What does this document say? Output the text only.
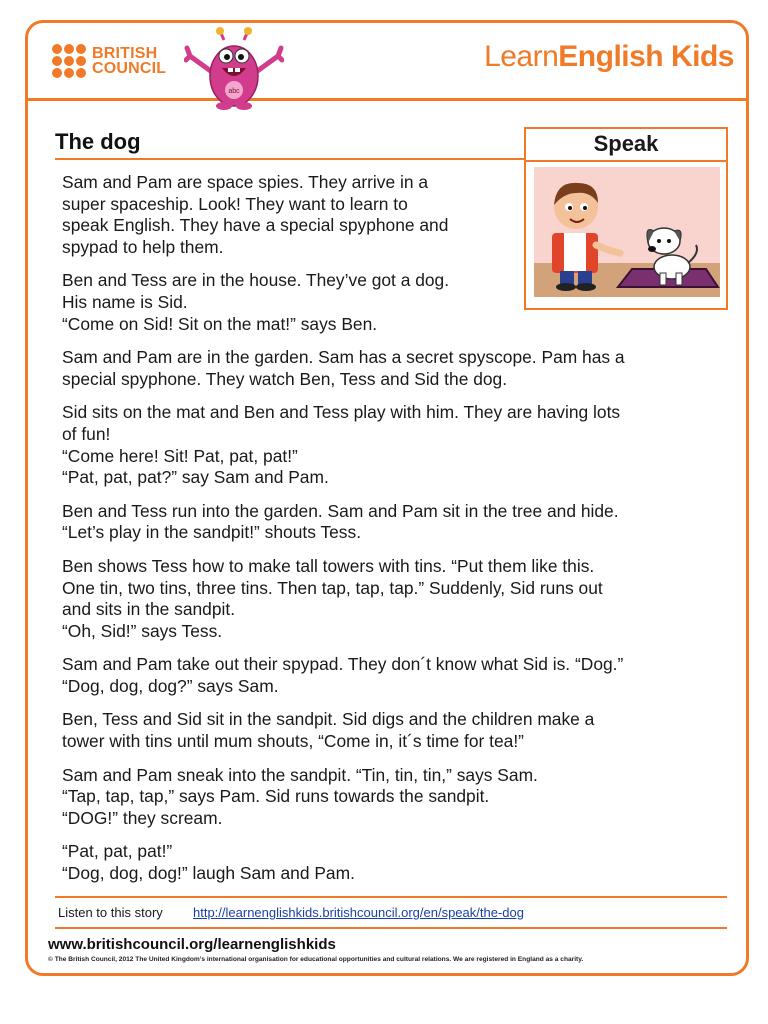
BRITISH
COUNCIL
abc
LearnEnglish Kids
The dog	Speak

Sam and Pam are space spies. They arrive in a
super spaceship. Look! They want to learn to
speak English. They have a special spyphone and
spypad to help them.

Ben and Tess are in the house. They’ve got a dog.
His name is Sid.
“Come on Sid! Sit on the mat!” says Ben.

Sam and Pam are in the garden. Sam has a secret spyscope. Pam has a
special spyphone. They watch Ben, Tess and Sid the dog.

Sid sits on the mat and Ben and Tess play with him. They are having lots
of fun!
“Come here! Sit! Pat, pat, pat!”
“Pat, pat, pat?” say Sam and Pam.

Ben and Tess run into the garden. Sam and Pam sit in the tree and hide.
“Let’s play in the sandpit!” shouts Tess.

Ben shows Tess how to make tall towers with tins. “Put them like this.
One tin, two tins, three tins. Then tap, tap, tap.” Suddenly, Sid runs out
and sits in the sandpit.
“Oh, Sid!” says Tess.

Sam and Pam take out their spypad. They don´t know what Sid is. “Dog.”
“Dog, dog, dog?” says Sam.

Ben, Tess and Sid sit in the sandpit. Sid digs and the children make a
tower with tins until mum shouts, “Come in, it´s time for tea!”

Sam and Pam sneak into the sandpit. “Tin, tin, tin,” says Sam.
“Tap, tap, tap,” says Pam. Sid runs towards the sandpit.
“DOG!” they scream.

“Pat, pat, pat!”
“Dog, dog, dog!” laugh Sam and Pam.

Listen to this story http://learnenglishkids.britishcouncil.org/en/speak/the-dog
www.britishcouncil.org/learnenglishkids
© The British Council, 2012 The United Kingdom’s international organisation for educational opportunities and cultural relations. We are registered in England as a charity.
